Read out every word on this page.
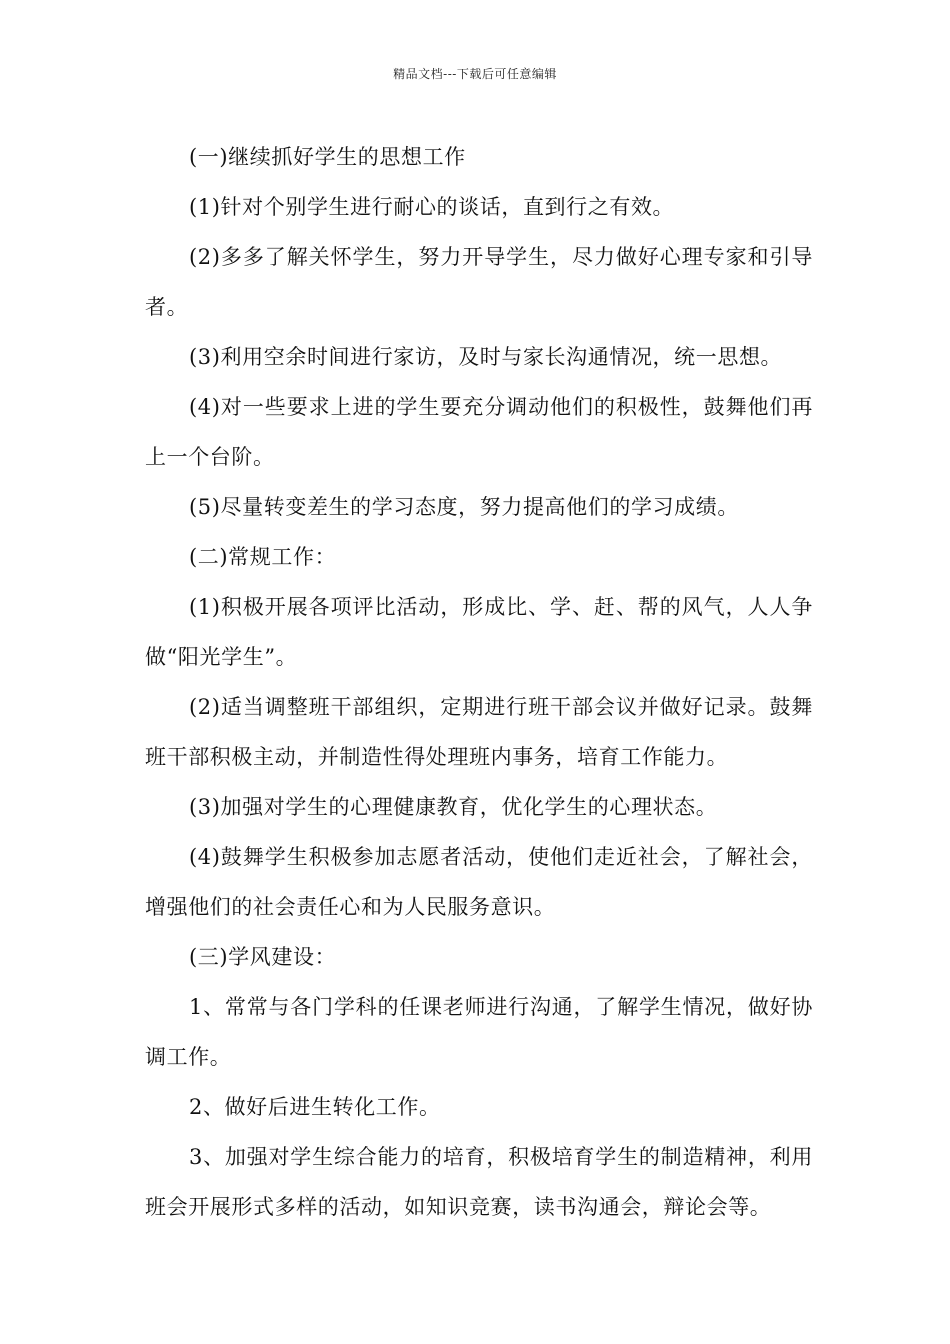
精品文档---下载后可任意编辑

(一)继续抓好学生的思想工作

(1)针对个别学生进行耐心的谈话，直到行之有效。

(2)多多了解关怀学生，努力开导学生，尽力做好心理专家和引导者。

(3)利用空余时间进行家访，及时与家长沟通情况，统一思想。

(4)对一些要求上进的学生要充分调动他们的积极性，鼓舞他们再上一个台阶。

(5)尽量转变差生的学习态度，努力提高他们的学习成绩。

(二)常规工作：

(1)积极开展各项评比活动，形成比、学、赶、帮的风气，人人争做“阳光学生”。

(2)适当调整班干部组织，定期进行班干部会议并做好记录。鼓舞班干部积极主动，并制造性得处理班内事务，培育工作能力。

(3)加强对学生的心理健康教育，优化学生的心理状态。

(4)鼓舞学生积极参加志愿者活动，使他们走近社会，了解社会，增强他们的社会责任心和为人民服务意识。

(三)学风建设：

1、常常与各门学科的任课老师进行沟通，了解学生情况，做好协调工作。

2、做好后进生转化工作。

3、加强对学生综合能力的培育，积极培育学生的制造精神，利用班会开展形式多样的活动，如知识竞赛，读书沟通会，辩论会等。
